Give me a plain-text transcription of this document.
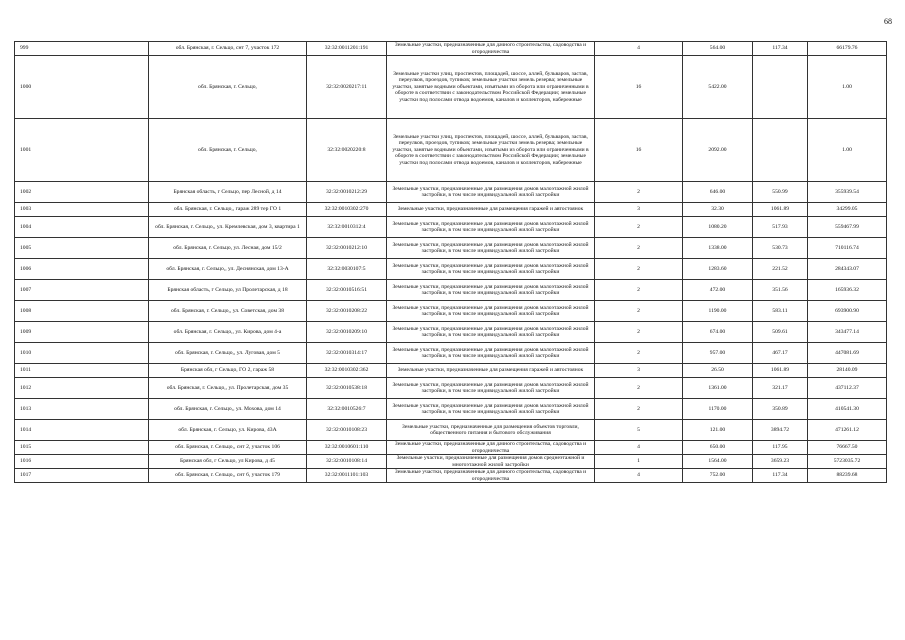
68
999	обл. Брянская, г. Сельцо, снт 7, участок 172	32:32:0011201:191	Земельные участки, предназначенные для дачного строительства, садоводства и огородничества	4	564.00	117.34	66179.76
1000	обл. Брянская, г. Сельцо,	32:32:0020217:11	Земельные участки улиц, проспектов, площадей, шоссе, аллей, бульваров, застав, переулков, проездов, тупиков; земельные участки земель резерва; земельные участки, занятые водными объектами, изъятыми из оборота или ограниченными в обороте в соответствии с законодательством Российской Федерации; земельные участки под полосами отвода водоемов, каналов и коллекторов, набережные	16	5422.00		1.00
1001	обл. Брянская, г. Сельцо,	32:32:0020220:8	Земельные участки улиц, проспектов, площадей, шоссе, аллей, бульваров, застав, переулков, проездов, тупиков; земельные участки земель резерва; земельные участки, занятые водными объектами, изъятыми из оборота или ограниченными в обороте в соответствии с законодательством Российской Федерации; земельные участки под полосами отвода водоемов, каналов и коллекторов, набережные	16	2092.00		1.00
1002	Брянская область, г Сельцо, пер Лесной, д 14	32:32:0010212:29	Земельные участки, предназначенные для размещения домов малоэтажной жилой застройки, в том числе индивидуальной жилой застройки	2	646.00	550.99	355939.54
1003	обл. Брянская, г. Сельцо,, гараж 289 тер ГО 1	32:32:0010302:270	Земельные участки, предназначенные для размещения гаражей и автостоянок	3	32.30	1061.89	34299.05
1004	обл. Брянская, г. Сельцо,, ул. Кремлевская, дом 3, квартира 1	32:32:0010312:4	Земельные участки, предназначенные для размещения домов малоэтажной жилой застройки, в том числе индивидуальной жилой застройки	2	1080.20	517.93	559467.99
1005	обл. Брянская, г. Сельцо, ул. Лесная, дом 15/2	32:32:0010212:10	Земельные участки, предназначенные для размещения домов малоэтажной жилой застройки, в том числе индивидуальной жилой застройки	2	1338.00	530.73	710116.74
1006	обл. Брянская, г. Сельцо,, ул. Деснянская, дом 13-А	32:32:0030107:5	Земельные участки, предназначенные для размещения домов малоэтажной жилой застройки, в том числе индивидуальной жилой застройки	2	1283.60	221.52	284343.07
1007	Брянская область, г Сельцо, ул Пролетарская, д 18	32:32:0010516:51	Земельные участки, предназначенные для размещения домов малоэтажной жилой застройки, в том числе индивидуальной жилой застройки	2	472.00	351.56	165936.32
1008	обл. Брянская, г. Сельцо,, ул. Советская, дом 38	32:32:0010208:22	Земельные участки, предназначенные для размещения домов малоэтажной жилой застройки, в том числе индивидуальной жилой застройки	2	1190.00	583.11	693900.90
1009	обл. Брянская, г. Сельцо,, ул. Кирова, дом 4-а	32:32:0010209:10	Земельные участки, предназначенные для размещения домов малоэтажной жилой застройки, в том числе индивидуальной жилой застройки	2	674.00	509.61	343477.14
1010	обл. Брянская, г. Сельцо,, ул. Луговая, дом 5	32:32:0010314:17	Земельные участки, предназначенные для размещения домов малоэтажной жилой застройки, в том числе индивидуальной жилой застройки	2	957.00	467.17	447081.69
1011	Брянская обл, г Сельцо, ГО 2, гараж 58	32:32:0010302:362	Земельные участки, предназначенные для размещения гаражей и автостоянок	3	26.50	1061.89	28140.09
1012	обл. Брянская, г. Сельцо,, ул. Пролетарская, дом 35	32:32:0010538:18	Земельные участки, предназначенные для размещения домов малоэтажной жилой застройки, в том числе индивидуальной жилой застройки	2	1361.00	321.17	437112.37
1013	обл. Брянская, г. Сельцо,, ул. Мохова, дом 14	32:32:0010526:7	Земельные участки, предназначенные для размещения домов малоэтажной жилой застройки, в том числе индивидуальной жилой застройки	2	1170.00	350.89	410541.30
1014	обл. Брянская, г. Сельцо, ул. Кирова, 43А	32:32:0010108:23	Земельные участки, предназначенные для размещения объектов торговли, общественного питания и бытового обслуживания	5	121.00	3894.72	471261.12
1015	обл. Брянская, г. Сельцо,, снт 2, участок 106	32:32:0010601:110	Земельные участки, предназначенные для дачного строительства, садоводства и огородничества	4	650.00	117.95	76667.50
1016	Брянская обл, г Сельцо, ул Кирова, д 45	32:32:0010108:14	Земельные участки, предназначенные для размещения домов среднеэтажной и многоэтажной жилой застройки	1	1564.00	3659.23	5723035.72
1017	обл. Брянская, г. Сельцо,, снт 6, участок 179	32:32:0011101:103	Земельные участки, предназначенные для дачного строительства, садоводства и огородничества	4	752.00	117.34	88239.68
